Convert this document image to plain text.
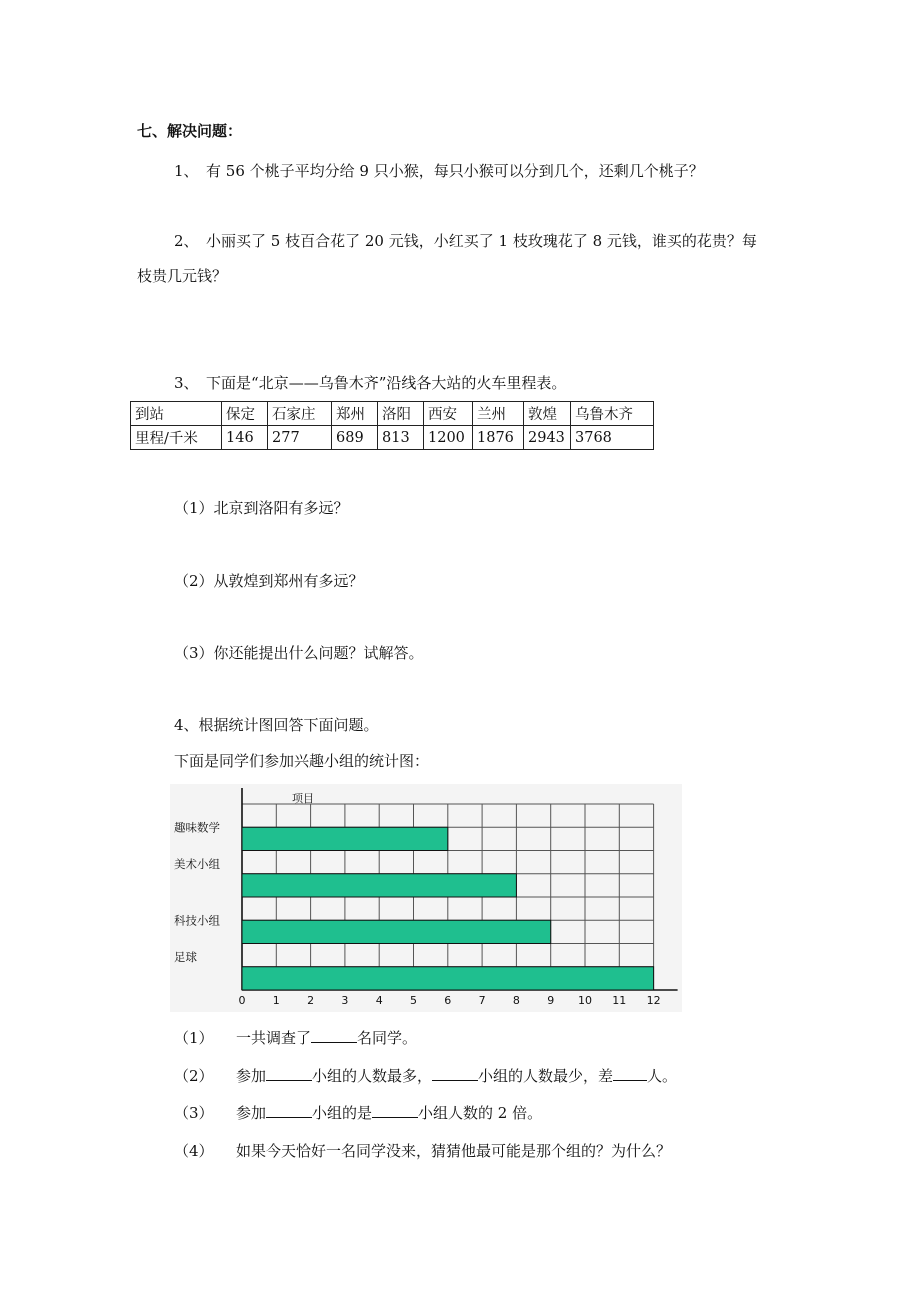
七、解决问题：
1、　有 56 个桃子平均分给 9 只小猴，每只小猴可以分到几个，还剩几个桃子？
2、　小丽买了 5 枝百合花了 20 元钱，小红买了 1 枝玫瑰花了 8 元钱，谁买的花贵？每
枝贵几元钱？
3、　下面是“北京——乌鲁木齐”沿线各大站的火车里程表。
到站	保定	石家庄	郑州	洛阳	西安	兰州	敦煌	乌鲁木齐
里程/千米	146	277	689	813	1200	1876	2943	3768
（1）北京到洛阳有多远？
（2）从敦煌到郑州有多远？
（3）你还能提出什么问题？试解答。
4、根据统计图回答下面问题。
下面是同学们参加兴趣小组的统计图：
项目
趣味数学
美术小组
科技小组
足球
0 1 2 3 4 5 6 7 8 9 10 11 12
（1） 一共调查了	名同学。
（2） 参加	小组的人数最多，	小组的人数最少，差 人。
（3） 参加	小组的是	小组人数的 2 倍。
（4） 如果今天恰好一名同学没来，猜猜他最可能是那个组的？为什么？
